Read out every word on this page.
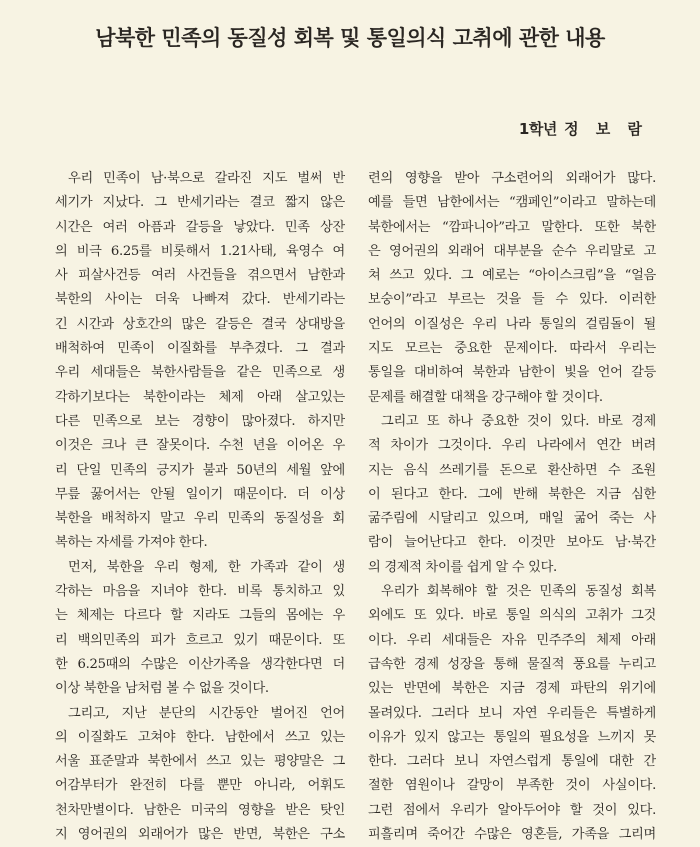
남북한 민족의 동질성 회복 및 통일의식 고취에 관한 내용
1학년 정 보 람
우리 민족이 남·북으로 갈라진 지도 벌써 반
세기가 지났다. 그 반세기라는 결코 짧지 않은
시간은 여러 아픔과 갈등을 낳았다. 민족 상잔
의 비극 6.25를 비롯해서 1.21사태, 육영수 여
사 피살사건등 여러 사건들을 겪으면서 남한과
북한의 사이는 더욱 나빠져 갔다. 반세기라는
긴 시간과 상호간의 많은 갈등은 결국 상대방을
배척하여 민족이 이질화를 부추겼다. 그 결과
우리 세대들은 북한사람들을 같은 민족으로 생
각하기보다는 북한이라는 체제 아래 살고있는
다른 민족으로 보는 경향이 많아졌다. 하지만
이것은 크나 큰 잘못이다. 수천 년을 이어온 우
리 단일 민족의 긍지가 불과 50년의 세월 앞에
무릎 꿇어서는 안될 일이기 때문이다. 더 이상
북한을 배척하지 말고 우리 민족의 동질성을 회
복하는 자세를 가져야 한다.
먼저, 북한을 우리 형제, 한 가족과 같이 생
각하는 마음을 지녀야 한다. 비록 통치하고 있
는 체제는 다르다 할 지라도 그들의 몸에는 우
리 백의민족의 피가 흐르고 있기 때문이다. 또
한 6.25때의 수많은 이산가족을 생각한다면 더
이상 북한을 남처럼 볼 수 없을 것이다.
그리고, 지난 분단의 시간동안 벌어진 언어
의 이질화도 고쳐야 한다. 남한에서 쓰고 있는
서울 표준말과 북한에서 쓰고 있는 평양말은 그
어감부터가 완전히 다를 뿐만 아니라, 어휘도
천차만별이다. 남한은 미국의 영향을 받은 탓인
지 영어권의 외래어가 많은 반면, 북한은 구소
련의 영향을 받아 구소련어의 외래어가 많다.
예를 들면 남한에서는 “캠페인”이라고 말하는데
북한에서는 “깜파니아”라고 말한다. 또한 북한
은 영어권의 외래어 대부분을 순수 우리말로 고
쳐 쓰고 있다. 그 예로는 “아이스크림”을 “얼음
보숭이”라고 부르는 것을 들 수 있다. 이러한
언어의 이질성은 우리 나라 통일의 걸림돌이 될
지도 모르는 중요한 문제이다. 따라서 우리는
통일을 대비하여 북한과 남한이 빛을 언어 갈등
문제를 해결할 대책을 강구해야 할 것이다.
그리고 또 하나 중요한 것이 있다. 바로 경제
적 차이가 그것이다. 우리 나라에서 연간 버려
지는 음식 쓰레기를 돈으로 환산하면 수 조원
이 된다고 한다. 그에 반해 북한은 지금 심한
굶주림에 시달리고 있으며, 매일 굶어 죽는 사
람이 늘어난다고 한다. 이것만 보아도 남·북간
의 경제적 차이를 쉽게 알 수 있다.
우리가 회복해야 할 것은 민족의 동질성 회복
외에도 또 있다. 바로 통일 의식의 고취가 그것
이다. 우리 세대들은 자유 민주주의 체제 아래
급속한 경제 성장을 통해 물질적 풍요를 누리고
있는 반면에 북한은 지금 경제 파탄의 위기에
몰려있다. 그러다 보니 자연 우리들은 특별하게
이유가 있지 않고는 통일의 필요성을 느끼지 못
한다. 그러다 보니 자연스럽게 통일에 대한 간
절한 염원이나 갈망이 부족한 것이 사실이다.
그런 점에서 우리가 알아두어야 할 것이 있다.
피흘리며 죽어간 수많은 영혼들, 가족을 그리며
